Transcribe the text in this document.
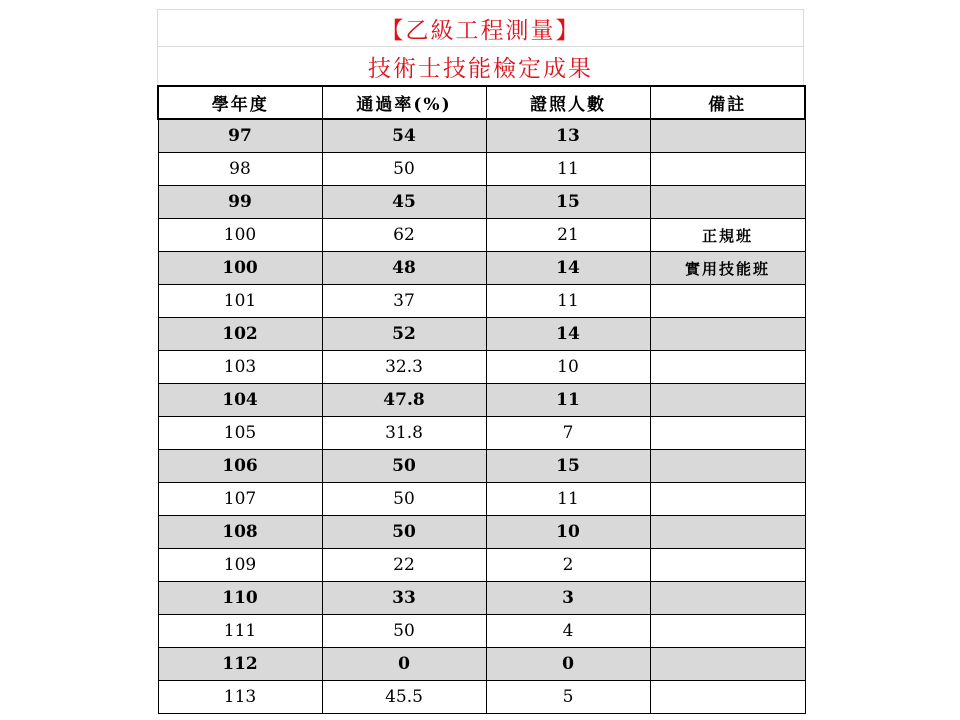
【乙級工程測量】
技術士技能檢定成果
學年度	通過率(%)	證照人數	備註
97	54	13	
98	50	11	
99	45	15	
100	62	21	正規班
100	48	14	實用技能班
101	37	11	
102	52	14	
103	32.3	10	
104	47.8	11	
105	31.8	7	
106	50	15	
107	50	11	
108	50	10	
109	22	2	
110	33	3	
111	50	4	
112	0	0	
113	45.5	5	
